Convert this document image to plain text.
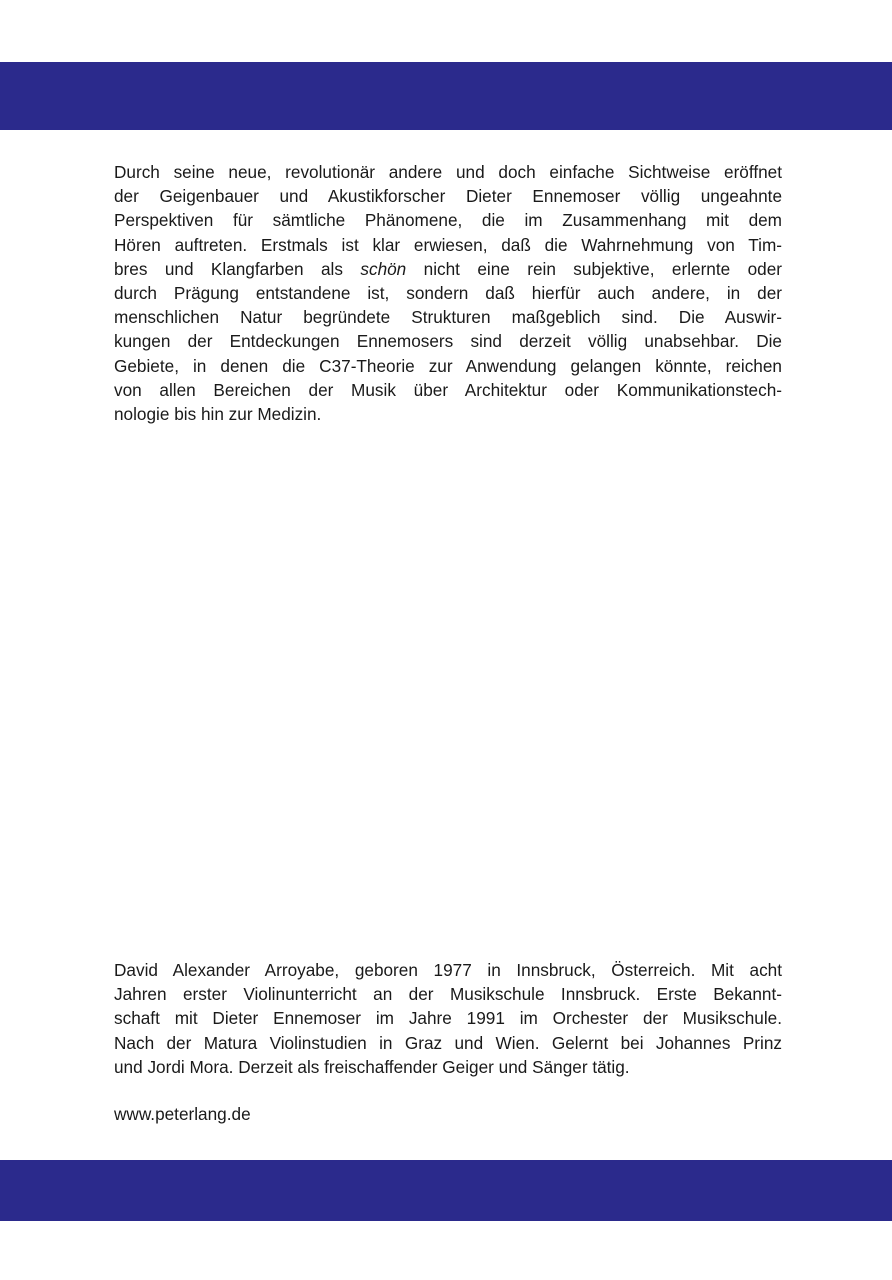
Durch seine neue, revolutionär andere und doch einfache Sichtweise eröffnet
der Geigenbauer und Akustikforscher Dieter Ennemoser völlig ungeahnte
Perspektiven für sämtliche Phänomene, die im Zusammenhang mit dem
Hören auftreten. Erstmals ist klar erwiesen, daß die Wahrnehmung von Tim-
bres und Klangfarben als schön nicht eine rein subjektive, erlernte oder
durch Prägung entstandene ist, sondern daß hierfür auch andere, in der
menschlichen Natur begründete Strukturen maßgeblich sind. Die Auswir-
kungen der Entdeckungen Ennemosers sind derzeit völlig unabsehbar. Die
Gebiete, in denen die C37-Theorie zur Anwendung gelangen könnte, reichen
von allen Bereichen der Musik über Architektur oder Kommunikationstech-
nologie bis hin zur Medizin.
David Alexander Arroyabe, geboren 1977 in Innsbruck, Österreich. Mit acht
Jahren erster Violinunterricht an der Musikschule Innsbruck. Erste Bekannt-
schaft mit Dieter Ennemoser im Jahre 1991 im Orchester der Musikschule.
Nach der Matura Violinstudien in Graz und Wien. Gelernt bei Johannes Prinz
und Jordi Mora. Derzeit als freischaffender Geiger und Sänger tätig.
www.peterlang.de
